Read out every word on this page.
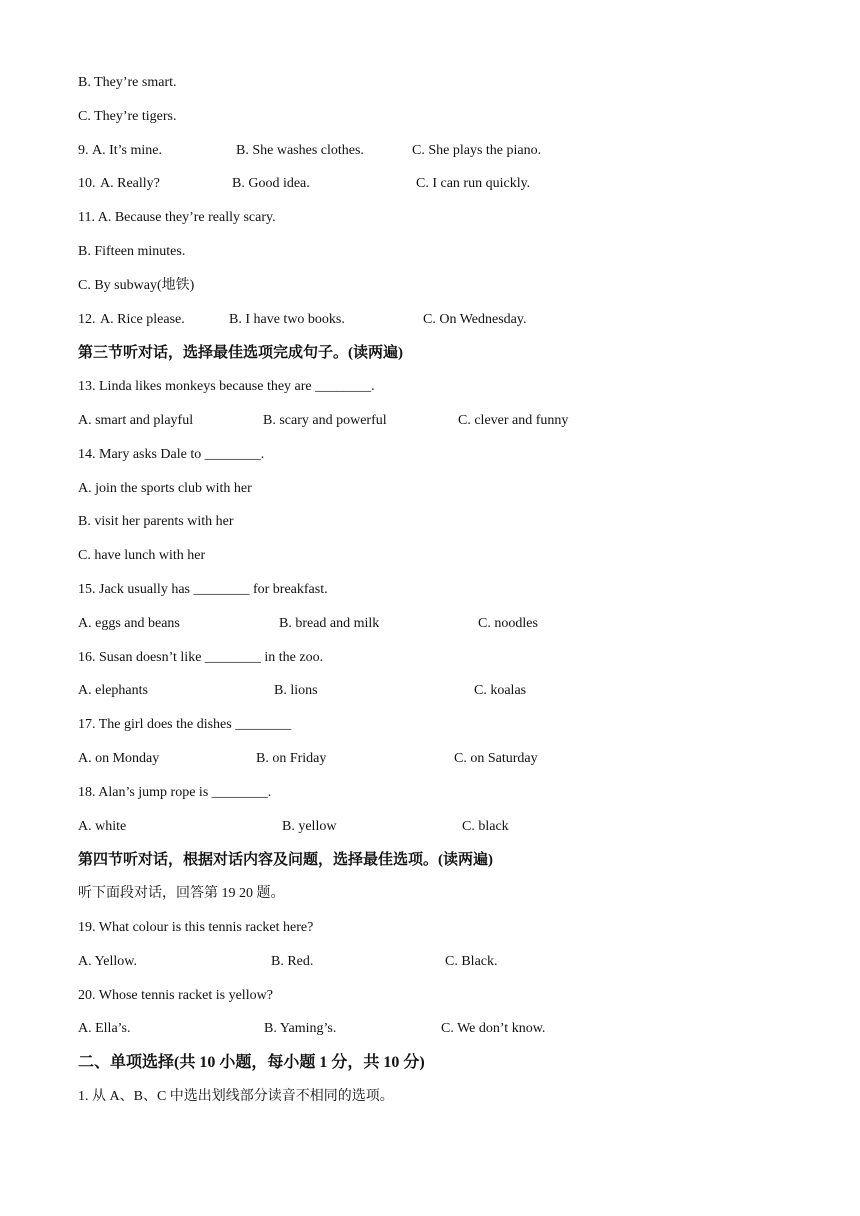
B. They’re smart.
C. They’re tigers.
9. A. It’s mine.	B. She washes clothes.	C. She plays the piano.
10. A. Really?	B. Good idea.	C. I can run quickly.
11. A. Because they’re really scary.
B. Fifteen minutes.
C. By subway(地铁)
12. A. Rice please.	B. I have two books.	C. On Wednesday.
第三节听对话，选择最佳选项完成句子。(读两遍)
13. Linda likes monkeys because they are ________.
A. smart and playful	B. scary and powerful	C. clever and funny
14. Mary asks Dale to ________.
A. join the sports club with her
B. visit her parents with her
C. have lunch with her
15. Jack usually has ________ for breakfast.
A. eggs and beans	B. bread and milk	C. noodles
16. Susan doesn’t like ________ in the zoo.
A. elephants	B. lions	C. koalas
17. The girl does the dishes ________
A. on Monday	B. on Friday	C. on Saturday
18. Alan’s jump rope is ________.
A. white	B. yellow	C. black
第四节听对话，根据对话内容及问题，选择最佳选项。(读两遍)
听下面段对话，回答第 19 20 题。
19. What colour is this tennis racket here?
A. Yellow.	B. Red.	C. Black.
20. Whose tennis racket is yellow?
A. Ella’s.	B. Yaming’s.	C. We don’t know.
二、单项选择(共 10 小题，每小题 1 分，共 10 分)
1. 从 A、B、C 中选出划线部分读音不相同的选项。
